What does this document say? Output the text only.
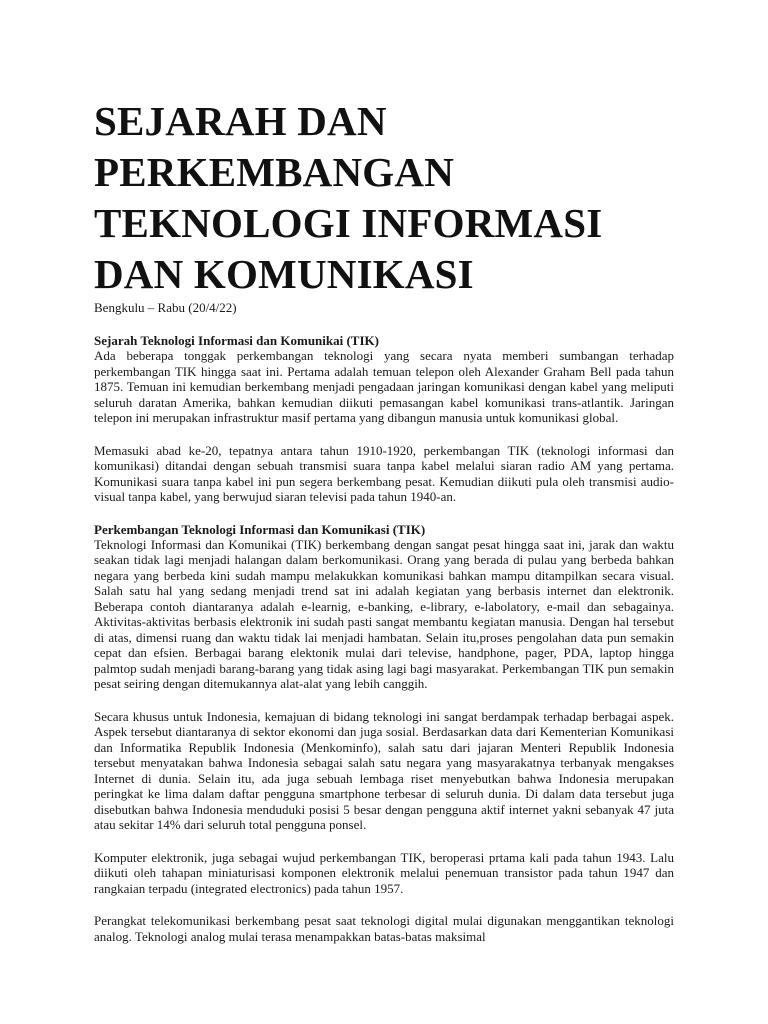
SEJARAH DAN PERKEMBANGAN TEKNOLOGI INFORMASI DAN KOMUNIKASI

Bengkulu – Rabu (20/4/22)

Sejarah Teknologi Informasi dan Komunikai (TIK)

Ada beberapa tonggak perkembangan teknologi yang secara nyata memberi sumbangan terhadap perkembangan TIK hingga saat ini. Pertama adalah temuan telepon oleh Alexander Graham Bell pada tahun 1875. Temuan ini kemudian berkembang menjadi pengadaan jaringan komunikasi dengan kabel yang meliputi seluruh daratan Amerika, bahkan kemudian diikuti pemasangan kabel komunikasi trans-atlantik. Jaringan telepon ini merupakan infrastruktur masif pertama yang dibangun manusia untuk komunikasi global.

Memasuki abad ke-20, tepatnya antara tahun 1910-1920, perkembangan TIK (teknologi informasi dan komunikasi) ditandai dengan sebuah transmisi suara tanpa kabel melalui siaran radio AM yang pertama. Komunikasi suara tanpa kabel ini pun segera berkembang pesat. Kemudian diikuti pula oleh transmisi audio-visual tanpa kabel, yang berwujud siaran televisi pada tahun 1940-an.

Perkembangan Teknologi Informasi dan Komunikasi (TIK)

Teknologi Informasi dan Komunikai (TIK) berkembang dengan sangat pesat hingga saat ini, jarak dan waktu seakan tidak lagi menjadi halangan dalam berkomunikasi. Orang yang berada di pulau yang berbeda bahkan negara yang berbeda kini sudah mampu melakukkan komunikasi bahkan mampu ditampilkan secara visual. Salah satu hal yang sedang menjadi trend sat ini adalah kegiatan yang berbasis internet dan elektronik. Beberapa contoh diantaranya adalah e-learnig, e-banking, e-library, e-labolatory, e-mail dan sebagainya. Aktivitas-aktivitas berbasis elektronik ini sudah pasti sangat membantu kegiatan manusia. Dengan hal tersebut di atas, dimensi ruang dan waktu tidak lai menjadi hambatan. Selain itu,proses pengolahan data pun semakin cepat dan efsien. Berbagai barang elektonik mulai dari televise, handphone, pager, PDA, laptop hingga palmtop sudah menjadi barang-barang yang tidak asing lagi bagi masyarakat. Perkembangan TIK pun semakin pesat seiring dengan ditemukannya alat-alat yang lebih canggih.

Secara khusus untuk Indonesia, kemajuan di bidang teknologi ini sangat berdampak terhadap berbagai aspek. Aspek tersebut diantaranya di sektor ekonomi dan juga sosial. Berdasarkan data dari Kementerian Komunikasi dan Informatika Republik Indonesia (Menkominfo), salah satu dari jajaran Menteri Republik Indonesia tersebut menyatakan bahwa Indonesia sebagai salah satu negara yang masyarakatnya terbanyak mengakses Internet di dunia. Selain itu, ada juga sebuah lembaga riset menyebutkan bahwa Indonesia merupakan peringkat ke lima dalam daftar pengguna smartphone terbesar di seluruh dunia. Di dalam data tersebut juga disebutkan bahwa Indonesia menduduki posisi 5 besar dengan pengguna aktif internet yakni sebanyak 47 juta atau sekitar 14% dari seluruh total pengguna ponsel.

Komputer elektronik, juga sebagai wujud perkembangan TIK, beroperasi prtama kali pada tahun 1943. Lalu diikuti oleh tahapan miniaturisasi komponen elektronik melalui penemuan transistor pada tahun 1947 dan rangkaian terpadu (integrated electronics) pada tahun 1957.

Perangkat telekomunikasi berkembang pesat saat teknologi digital mulai digunakan menggantikan teknologi analog. Teknologi analog mulai terasa menampakkan batas-batas maksimal
